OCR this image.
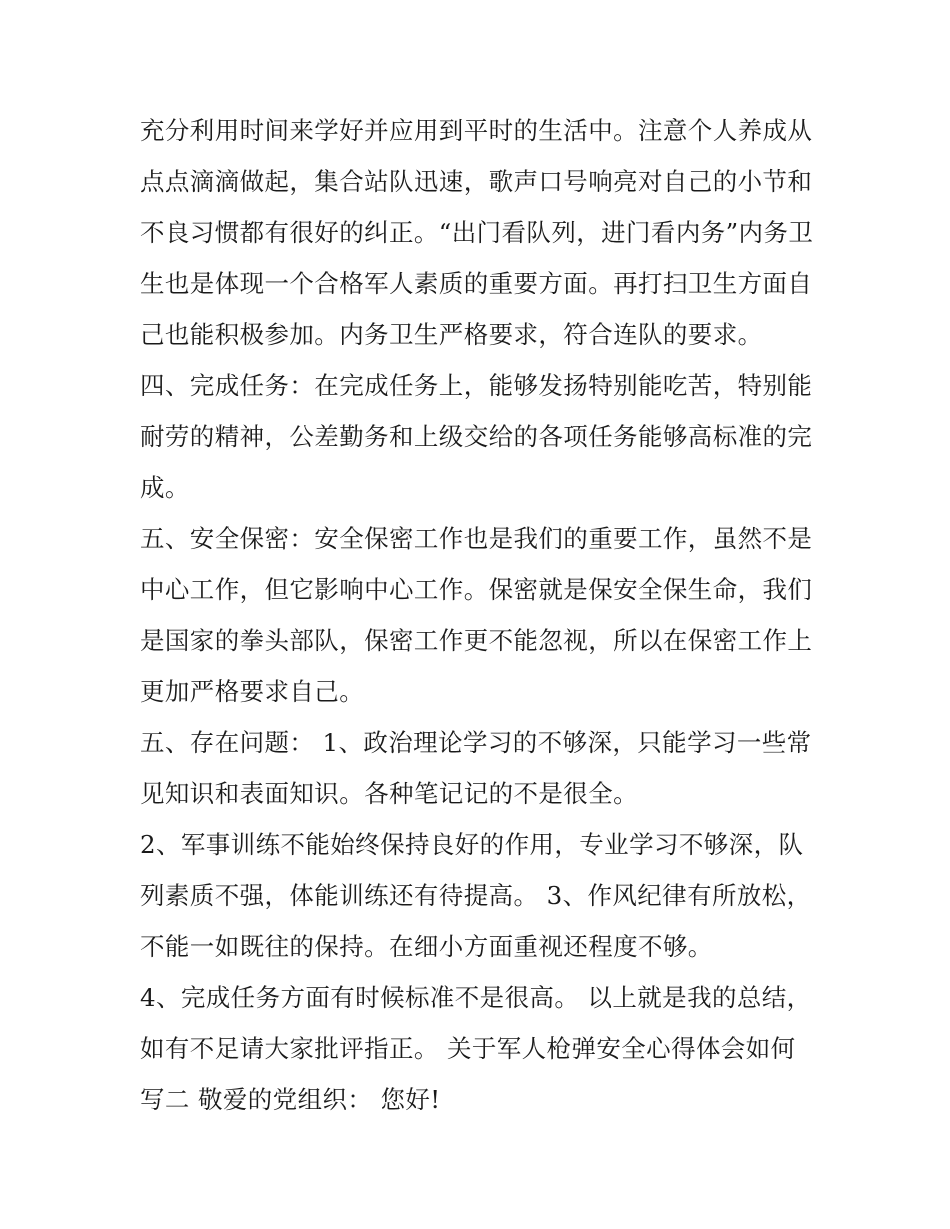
充分利用时间来学好并应用到平时的生活中。注意个人养成从点点滴滴做起，集合站队迅速，歌声口号响亮对自己的小节和不良习惯都有很好的纠正。“出门看队列，进门看内务”内务卫生也是体现一个合格军人素质的重要方面。再打扫卫生方面自己也能积极参加。内务卫生严格要求，符合连队的要求。

四、完成任务：在完成任务上，能够发扬特别能吃苦，特别能耐劳的精神，公差勤务和上级交给的各项任务能够高标准的完成。

五、安全保密：安全保密工作也是我们的重要工作，虽然不是中心工作，但它影响中心工作。保密就是保安全保生命，我们是国家的拳头部队，保密工作更不能忽视，所以在保密工作上更加严格要求自己。

五、存在问题： 1、政治理论学习的不够深，只能学习一些常见知识和表面知识。各种笔记记的不是很全。

2、军事训练不能始终保持良好的作用，专业学习不够深，队列素质不强，体能训练还有待提高。 3、作风纪律有所放松，不能一如既往的保持。在细小方面重视还程度不够。

4、完成任务方面有时候标准不是很高。 以上就是我的总结，如有不足请大家批评指正。 关于军人枪弹安全心得体会如何写二 敬爱的党组织： 您好!
